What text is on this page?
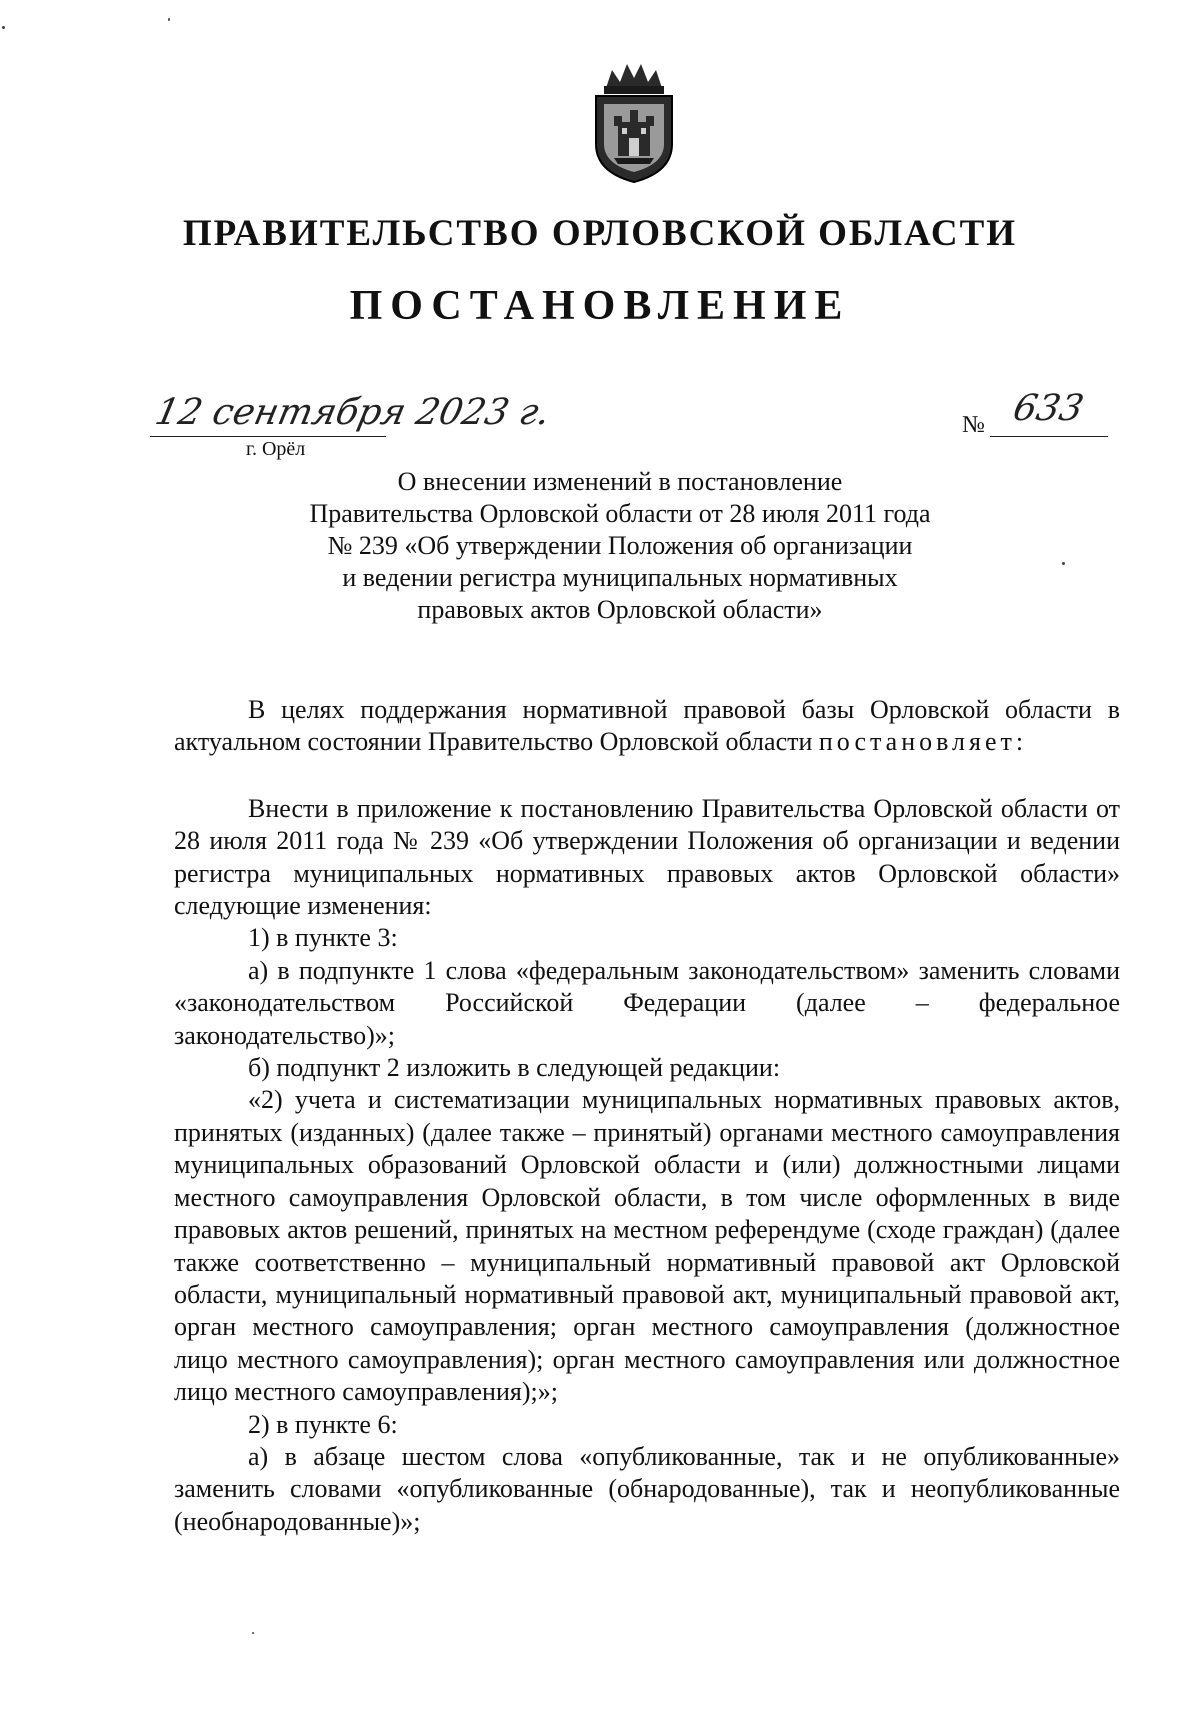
ПРАВИТЕЛЬСТВО ОРЛОВСКОЙ ОБЛАСТИ
ПОСТАНОВЛЕНИЕ
12 сентября 2023 г.
г. Орёл
№ 633
О внесении изменений в постановление
Правительства Орловской области от 28 июля 2011 года
№ 239 «Об утверждении Положения об организации
и ведении регистра муниципальных нормативных
правовых актов Орловской области»

В целях поддержания нормативной правовой базы Орловской области в актуальном состоянии Правительство Орловской области постановляет:

Внести в приложение к постановлению Правительства Орловской области от 28 июля 2011 года № 239 «Об утверждении Положения об организации и ведении регистра муниципальных нормативных правовых актов Орловской области» следующие изменения:

1) в пункте 3:

а) в подпункте 1 слова «федеральным законодательством» заменить словами «законодательством Российской Федерации (далее – федеральное законодательство)»;

б) подпункт 2 изложить в следующей редакции:

«2) учета и систематизации муниципальных нормативных правовых актов, принятых (изданных) (далее также – принятый) органами местного самоуправления муниципальных образований Орловской области и (или) должностными лицами местного самоуправления Орловской области, в том числе оформленных в виде правовых актов решений, принятых на местном референдуме (сходе граждан) (далее также соответственно – муниципальный нормативный правовой акт Орловской области, муниципальный нормативный правовой акт, муниципальный правовой акт, орган местного самоуправления; орган местного самоуправления (должностное лицо местного самоуправления); орган местного самоуправления или должностное лицо местного самоуправления);»;

2) в пункте 6:

а) в абзаце шестом слова «опубликованные, так и не опубликованные» заменить словами «опубликованные (обнародованные), так и неопубликованные (необнародованные)»;
